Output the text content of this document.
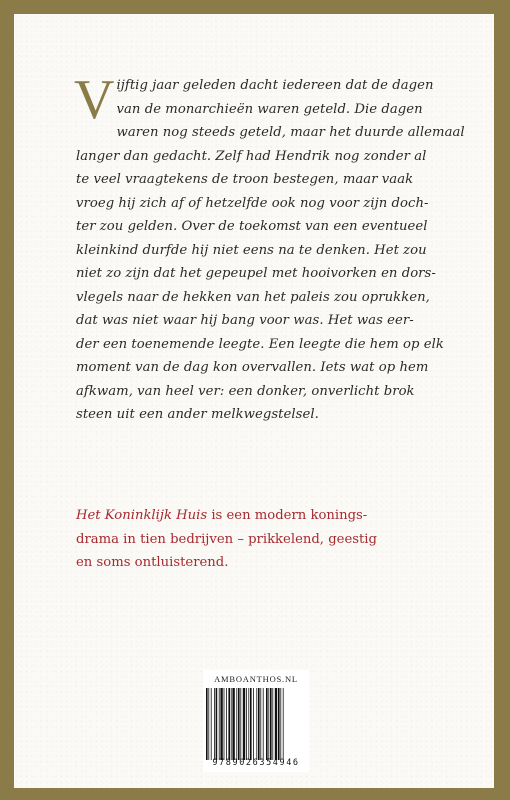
V ijftig jaar geleden dacht iedereen dat de dagen
van de monarchieën waren geteld. Die dagen
waren nog steeds geteld, maar het duurde allemaal
langer dan gedacht. Zelf had Hendrik nog zonder al
te veel vraagtekens de troon bestegen, maar vaak
vroeg hij zich af of hetzelfde ook nog voor zijn doch-
ter zou gelden. Over de toekomst van een eventueel
kleinkind durfde hij niet eens na te denken. Het zou
niet zo zijn dat het gepeupel met hooivorken en dors-
vlegels naar de hekken van het paleis zou oprukken,
dat was niet waar hij bang voor was. Het was eer-
der een toenemende leegte. Een leegte die hem op elk
moment van de dag kon overvallen. Iets wat op hem
afkwam, van heel ver: een donker, onverlicht brok
steen uit een ander melkwegstelsel.
Het Koninklijk Huis is een modern konings-
drama in tien bedrijven – prikkelend, geestig
en soms ontluisterend.
AMBOANTHOS.NL
9789026354946
